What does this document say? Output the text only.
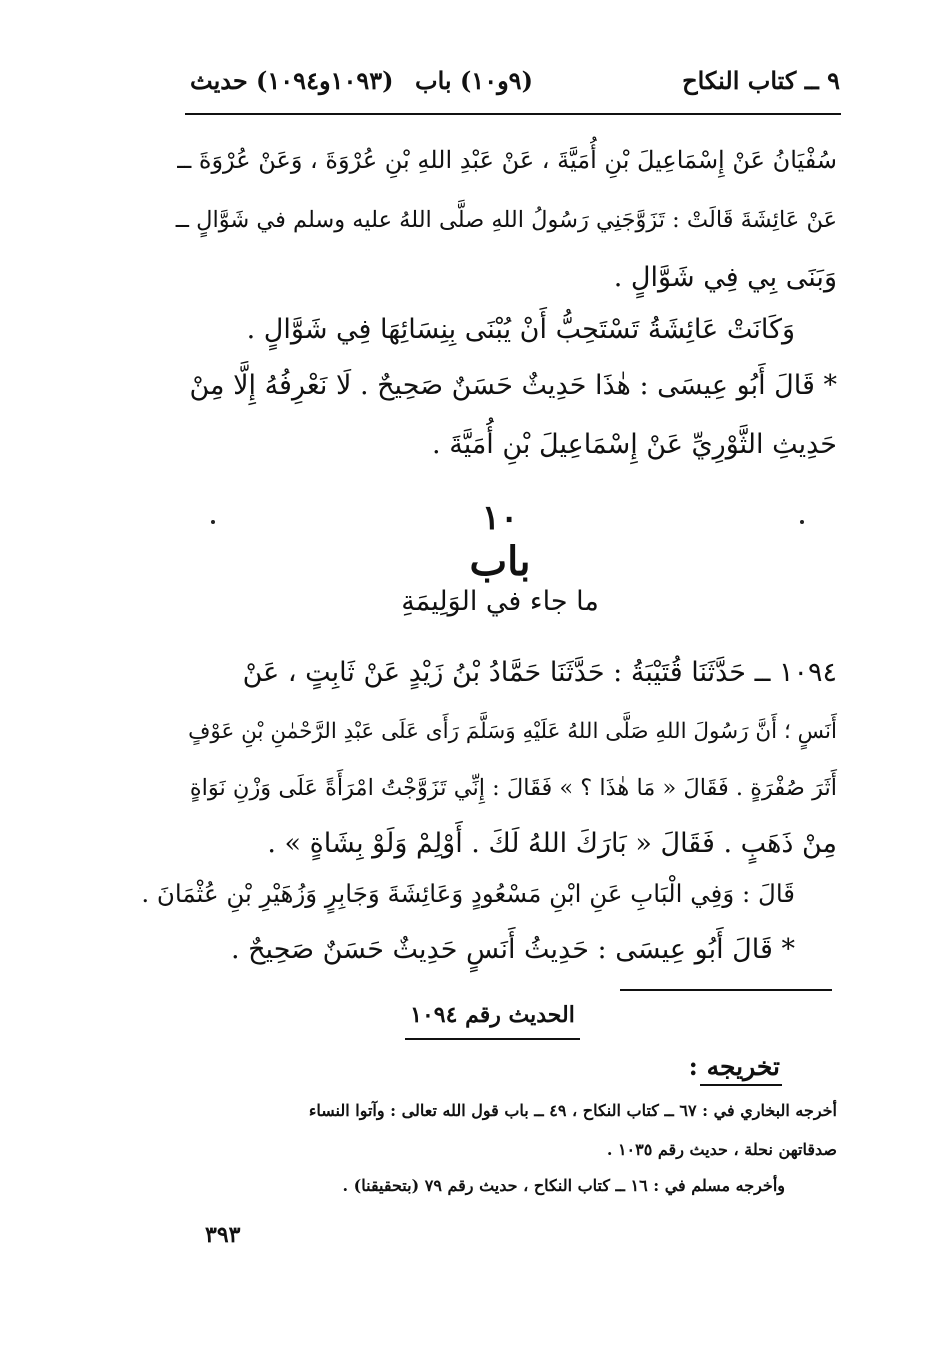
٩ ــ كتاب النكاح
(٩و١٠) باب
(١٠٩٣و١٠٩٤) حديث
سُفْيَانُ عَنْ إِسْمَاعِيلَ بْنِ أُمَيَّةَ ، عَنْ عَبْدِ اللهِ بْنِ عُرْوَةَ ، وَعَنْ عُرْوَةَ ــ
عَنْ عَائِشَةَ قَالَتْ : تَزَوَّجَنِي رَسُولُ اللهِ صلَّى اللهُ عليه وسلم في شَوَّالٍ ــ
وَبَنَى بِي فِي شَوَّالٍ .
وَكَانَتْ عَائِشَةُ تَسْتَحِبُّ أَنْ يُبْنَى بِنِسَائِهَا فِي شَوَّالٍ .
* قَالَ أَبُو عِيسَى : هٰذَا حَدِيثٌ حَسَنٌ صَحِيحٌ . لَا نَعْرِفُهُ إِلَّا مِنْ
حَدِيثِ الثَّوْرِيِّ عَنْ إِسْمَاعِيلَ بْنِ أُمَيَّةَ .
١٠
باب
ما جاء في الوَلِيمَةِ
١٠٩٤ ــ حَدَّثَنَا قُتَيْبَةُ : حَدَّثَنَا حَمَّادُ بْنُ زَيْدٍ عَنْ ثَابِتٍ ، عَنْ
أَنَسٍ ؛ أَنَّ رَسُولَ اللهِ صَلَّى اللهُ عَلَيْهِ وَسَلَّمَ رَأَى عَلَى عَبْدِ الرَّحْمٰنِ بْنِ عَوْفٍ
أَثَرَ صُفْرَةٍ . فَقَالَ « مَا هٰذَا ؟ » فَقَالَ : إِنِّي تَزَوَّجْتُ امْرَأَةً عَلَى وَزْنِ نَوَاةٍ
مِنْ ذَهَبٍ . فَقَالَ « بَارَكَ اللهُ لَكَ . أَوْلِمْ وَلَوْ بِشَاةٍ » .
قَالَ : وَفِي الْبَابِ عَنِ ابْنِ مَسْعُودٍ وَعَائِشَةَ وَجَابِرٍ وَزُهَيْرِ بْنِ عُثْمَانَ .
* قَالَ أَبُو عِيسَى : حَدِيثُ أَنَسٍ حَدِيثٌ حَسَنٌ صَحِيحٌ .
الحديث رقم ١٠٩٤
تخريجه :
أخرجه البخاري في : ٦٧ ــ كتاب النكاح ، ٤٩ ــ باب قول الله تعالى : وآتوا النساء
صدقاتهن نحلة ، حديث رقم ١٠٣٥ .
وأخرجه مسلم في : ١٦ ــ كتاب النكاح ، حديث رقم ٧٩ (بتحقيقنا) .
٣٩٣
